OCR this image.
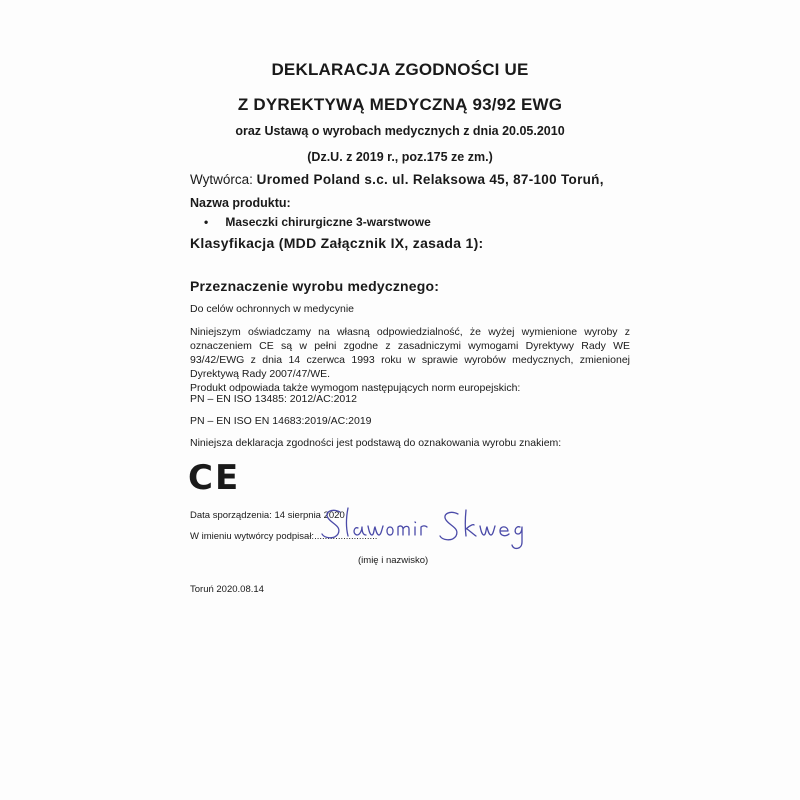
DEKLARACJA ZGODNOŚCI UE
Z DYREKTYWĄ MEDYCZNĄ 93/92 EWG
oraz Ustawą o wyrobach medycznych z dnia 20.05.2010
(Dz.U. z 2019 r., poz.175 ze zm.)
Wytwórca: Uromed Poland s.c. ul. Relaksowa 45, 87-100 Toruń,
Nazwa produktu:
• Maseczki chirurgiczne 3-warstwowe
Klasyfikacja (MDD Załącznik IX, zasada 1):
Przeznaczenie wyrobu medycznego:
Do celów ochronnych w medycynie
Niniejszym oświadczamy na własną odpowiedzialność, że wyżej wymienione wyroby z oznaczeniem CE są w pełni zgodne z zasadniczymi wymogami Dyrektywy Rady WE 93/42/EWG z dnia 14 czerwca 1993 roku w sprawie wyrobów medycznych, zmienionej Dyrektywą Rady 2007/47/WE.
Produkt odpowiada także wymogom następujących norm europejskich:
PN – EN ISO 13485: 2012/AC:2012
PN – EN ISO EN 14683:2019/AC:2019
Niniejsza deklaracja zgodności jest podstawą do oznakowania wyrobu znakiem:
CE
Data sporządzenia: 14 sierpnia 2020
W imieniu wytwórcy podpisał:........................
(imię i nazwisko)
Toruń 2020.08.14
